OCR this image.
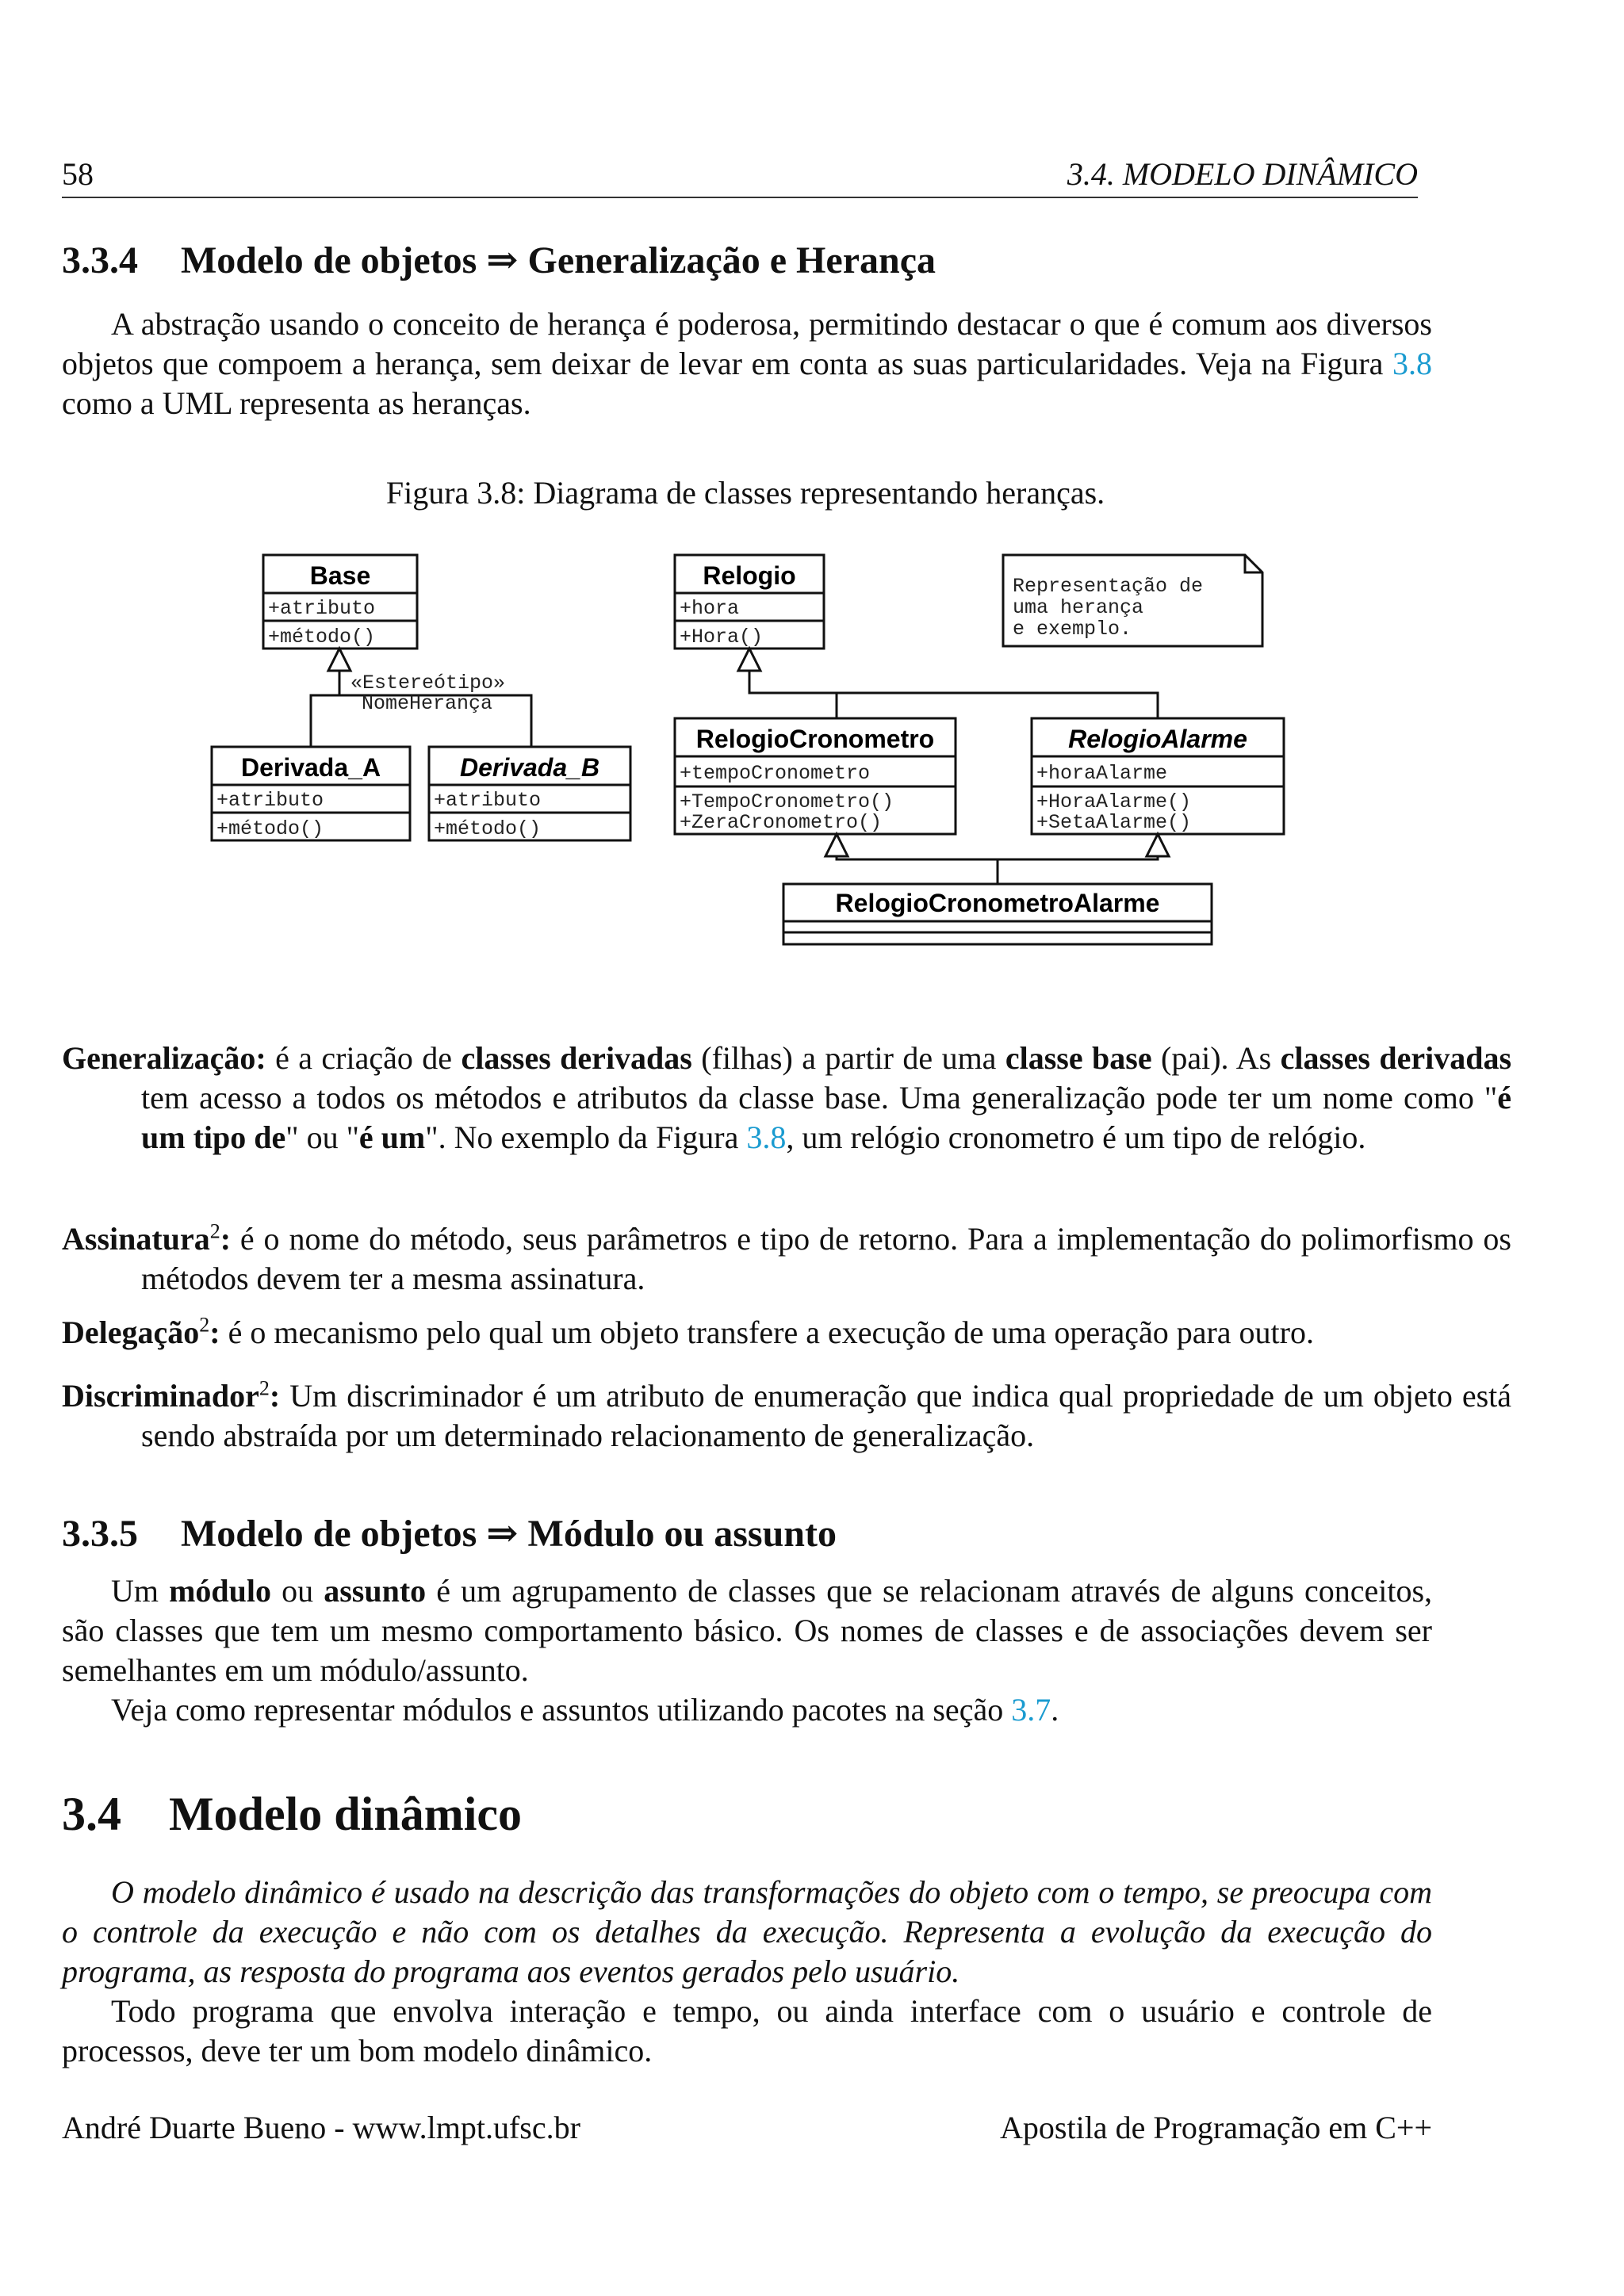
58	3.4. MODELO DINÂMICO
3.3.4 Modelo de objetos ⇒ Generalização e Herança
A abstração usando o conceito de herança é poderosa, permitindo destacar o que é comum aos diversos objetos que compoem a herança, sem deixar de levar em conta as suas particularidades. Veja na Figura 3.8 como a UML representa as heranças.
Figura 3.8: Diagrama de classes representando heranças.
Base	Relogio
Derivada_A	Derivada_B
RelogioCronometro	RelogioAlarme
RelogioCronometroAlarme
+atributo
+método()
+hora
+Hora()
+atributo
+método()
+atributo
+método()
+tempoCronometro
+TempoCronometro()
+ZeraCronometro()
+horaAlarme
+HoraAlarme()
+SetaAlarme()
«Estereótipo»
NomeHerança
Representação de
uma herança
e exemplo.
Generalização: é a criação de classes derivadas (filhas) a partir de uma classe base (pai). As classes derivadas tem acesso a todos os métodos e atributos da classe base. Uma generalização pode ter um nome como "é um tipo de" ou "é um". No exemplo da Figura 3.8, um relógio cronometro é um tipo de relógio.
Assinatura$^2$: é o nome do método, seus parâmetros e tipo de retorno. Para a implementação do polimorfismo os métodos devem ter a mesma assinatura.
Delegação$^2$: é o mecanismo pelo qual um objeto transfere a execução de uma operação para outro.
Discriminador$^2$: Um discriminador é um atributo de enumeração que indica qual propriedade de um objeto está sendo abstraída por um determinado relacionamento de generalização.
3.3.5 Modelo de objetos ⇒ Módulo ou assunto
Um módulo ou assunto é um agrupamento de classes que se relacionam através de alguns conceitos, são classes que tem um mesmo comportamento básico. Os nomes de classes e de associações devem ser semelhantes em um módulo/assunto.
Veja como representar módulos e assuntos utilizando pacotes na seção 3.7.
3.4 Modelo dinâmico
O modelo dinâmico é usado na descrição das transformações do objeto com o tempo, se preocupa com o controle da execução e não com os detalhes da execução. Representa a evolução da execução do programa, as resposta do programa aos eventos gerados pelo usuário.
Todo programa que envolva interação e tempo, ou ainda interface com o usuário e controle de processos, deve ter um bom modelo dinâmico.
André Duarte Bueno - www.lmpt.ufsc.br	Apostila de Programação em C++
